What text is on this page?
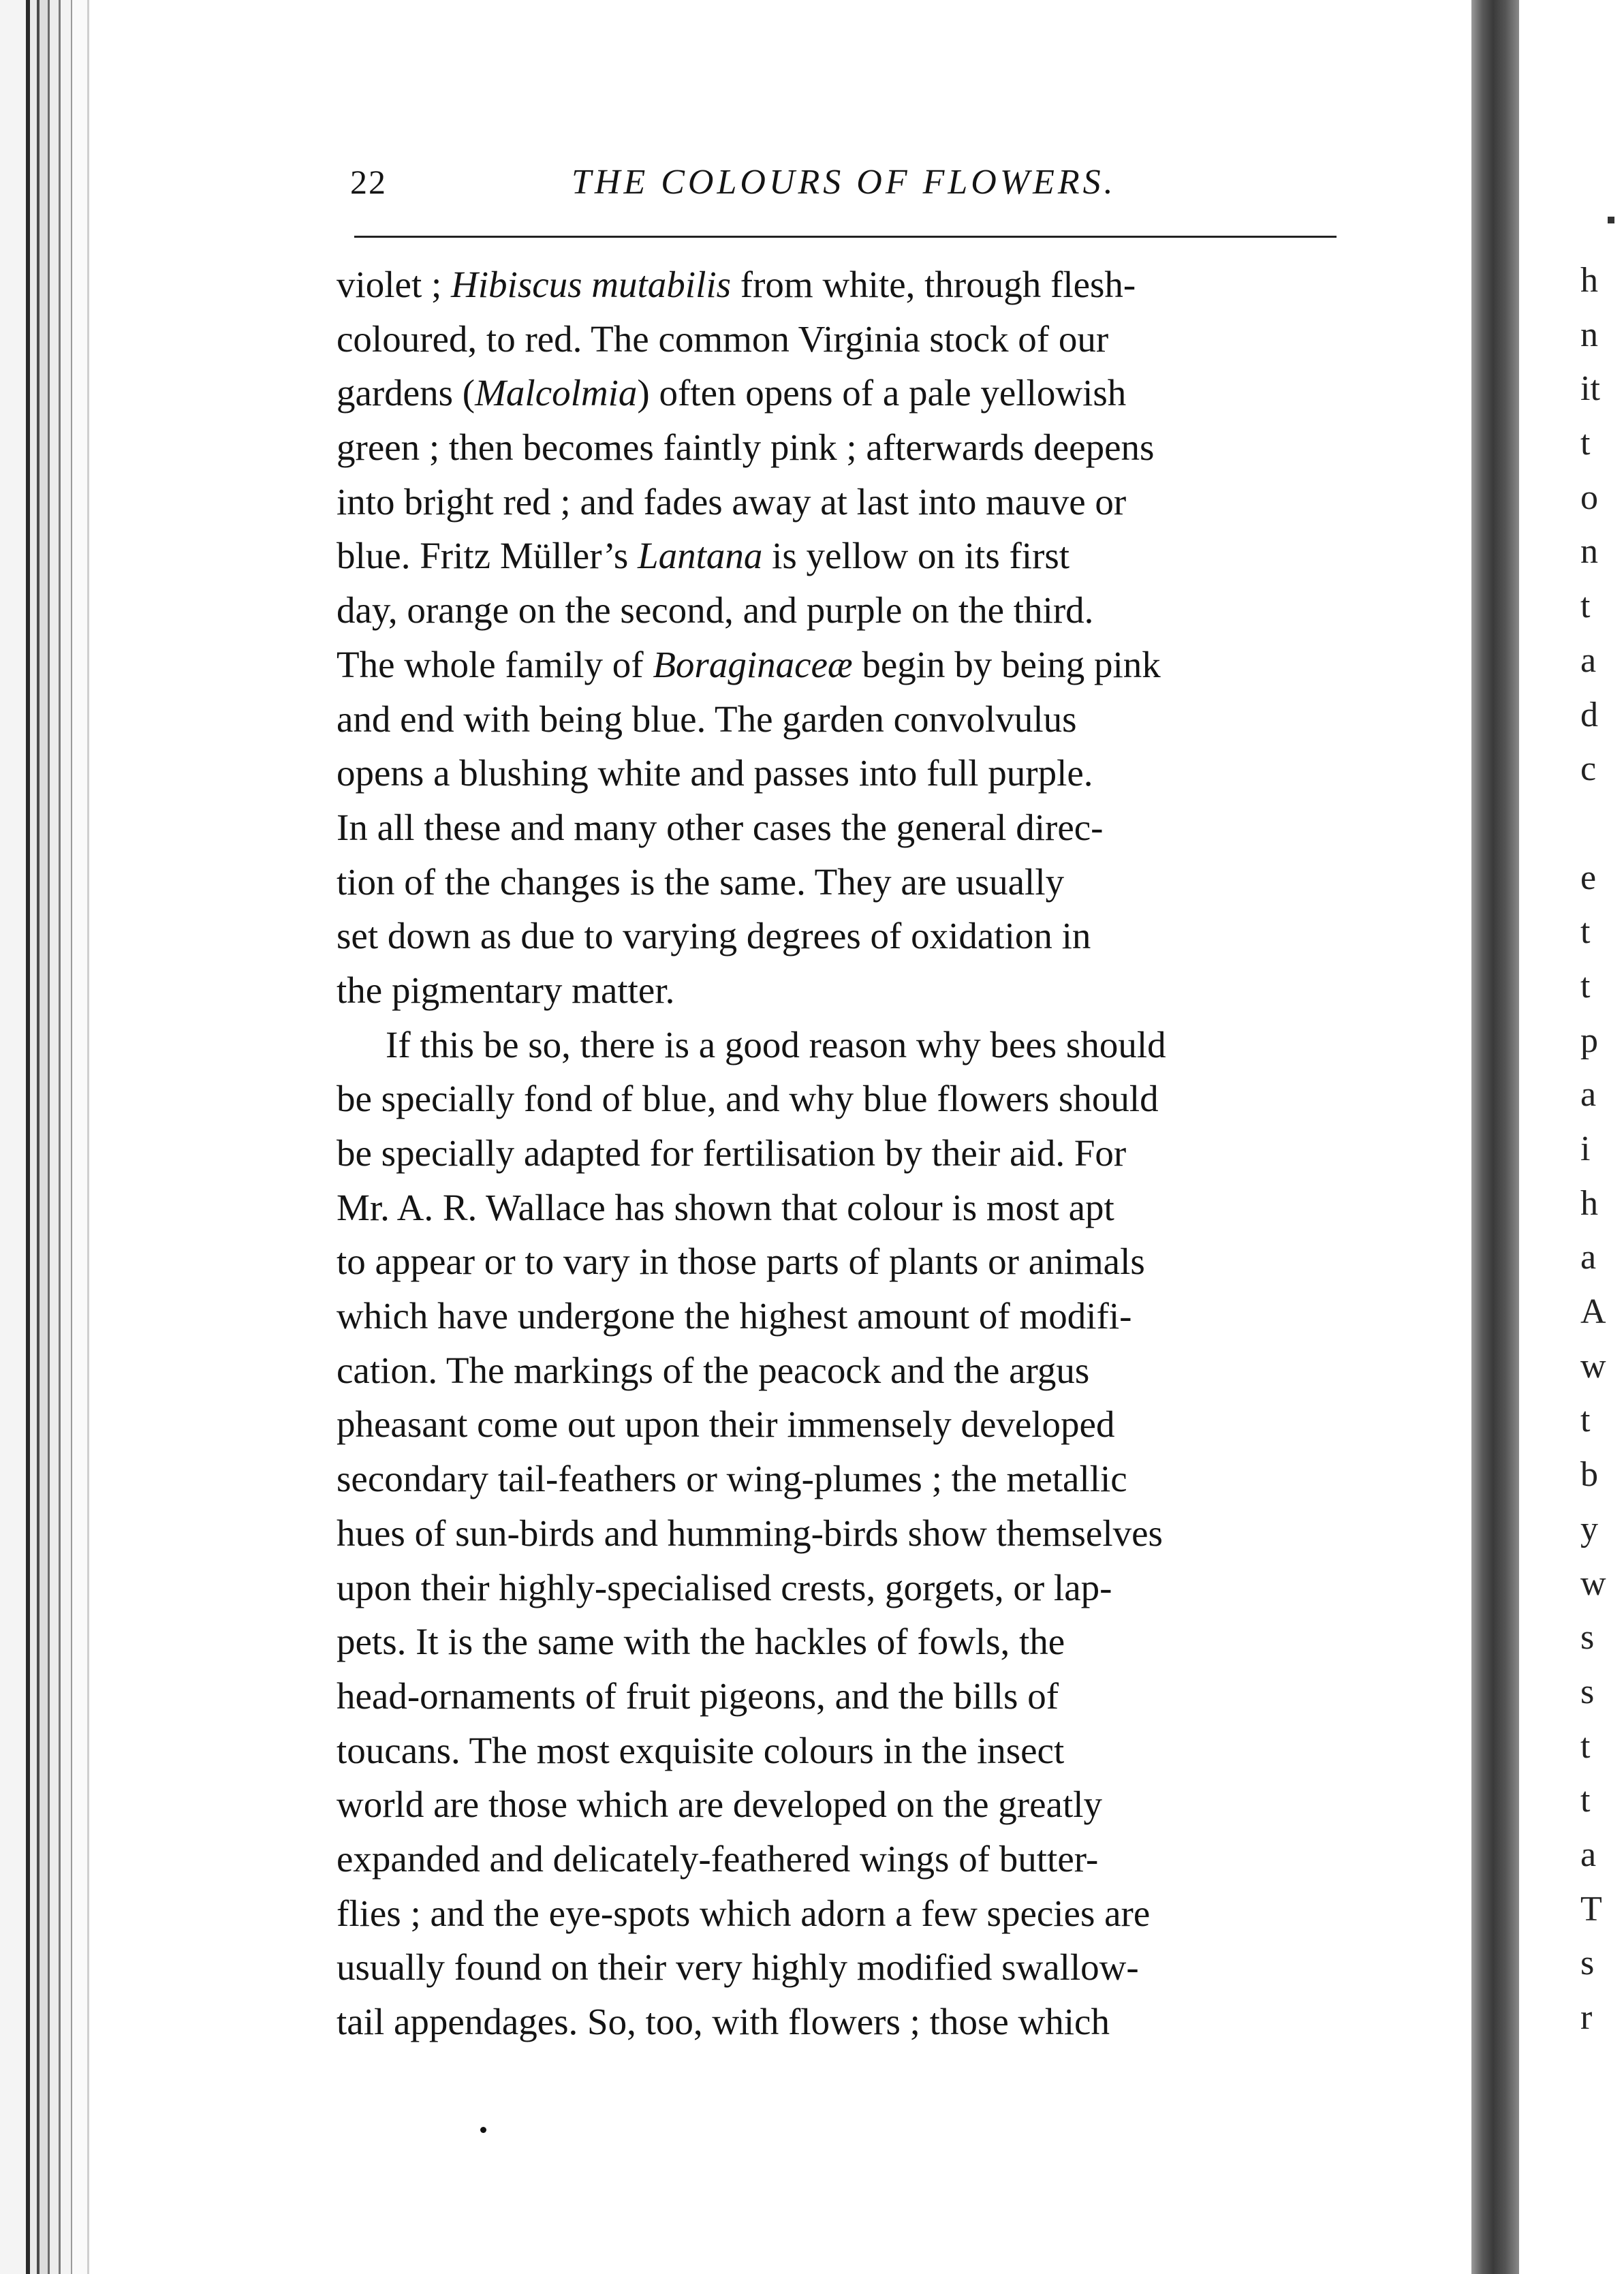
h
n
it
t
o
n
t
a
d
c
e
t
t
p
a
i
h
a
A
w
t
b
y
w
s
s
t
t
a
T
s
r
22	THE COLOURS OF FLOWERS.
violet ; Hibiscus mutabilis from white, through flesh-
coloured, to red. The common Virginia stock of our
gardens (Malcolmia) often opens of a pale yellowish
green ; then becomes faintly pink ; afterwards deepens
into bright red ; and fades away at last into mauve or
blue. Fritz Müller’s Lantana is yellow on its first
day, orange on the second, and purple on the third.
The whole family of Boraginaceæ begin by being pink
and end with being blue. The garden convolvulus
opens a blushing white and passes into full purple.
In all these and many other cases the general direc-
tion of the changes is the same. They are usually
set down as due to varying degrees of oxidation in
the pigmentary matter.
If this be so, there is a good reason why bees should
be specially fond of blue, and why blue flowers should
be specially adapted for fertilisation by their aid. For
Mr. A. R. Wallace has shown that colour is most apt
to appear or to vary in those parts of plants or animals
which have undergone the highest amount of modifi-
cation. The markings of the peacock and the argus
pheasant come out upon their immensely developed
secondary tail-feathers or wing-plumes ; the metallic
hues of sun-birds and humming-birds show themselves
upon their highly-specialised crests, gorgets, or lap-
pets. It is the same with the hackles of fowls, the
head-ornaments of fruit pigeons, and the bills of
toucans. The most exquisite colours in the insect
world are those which are developed on the greatly
expanded and delicately-feathered wings of butter-
flies ; and the eye-spots which adorn a few species are
usually found on their very highly modified swallow-
tail appendages. So, too, with flowers ; those which
